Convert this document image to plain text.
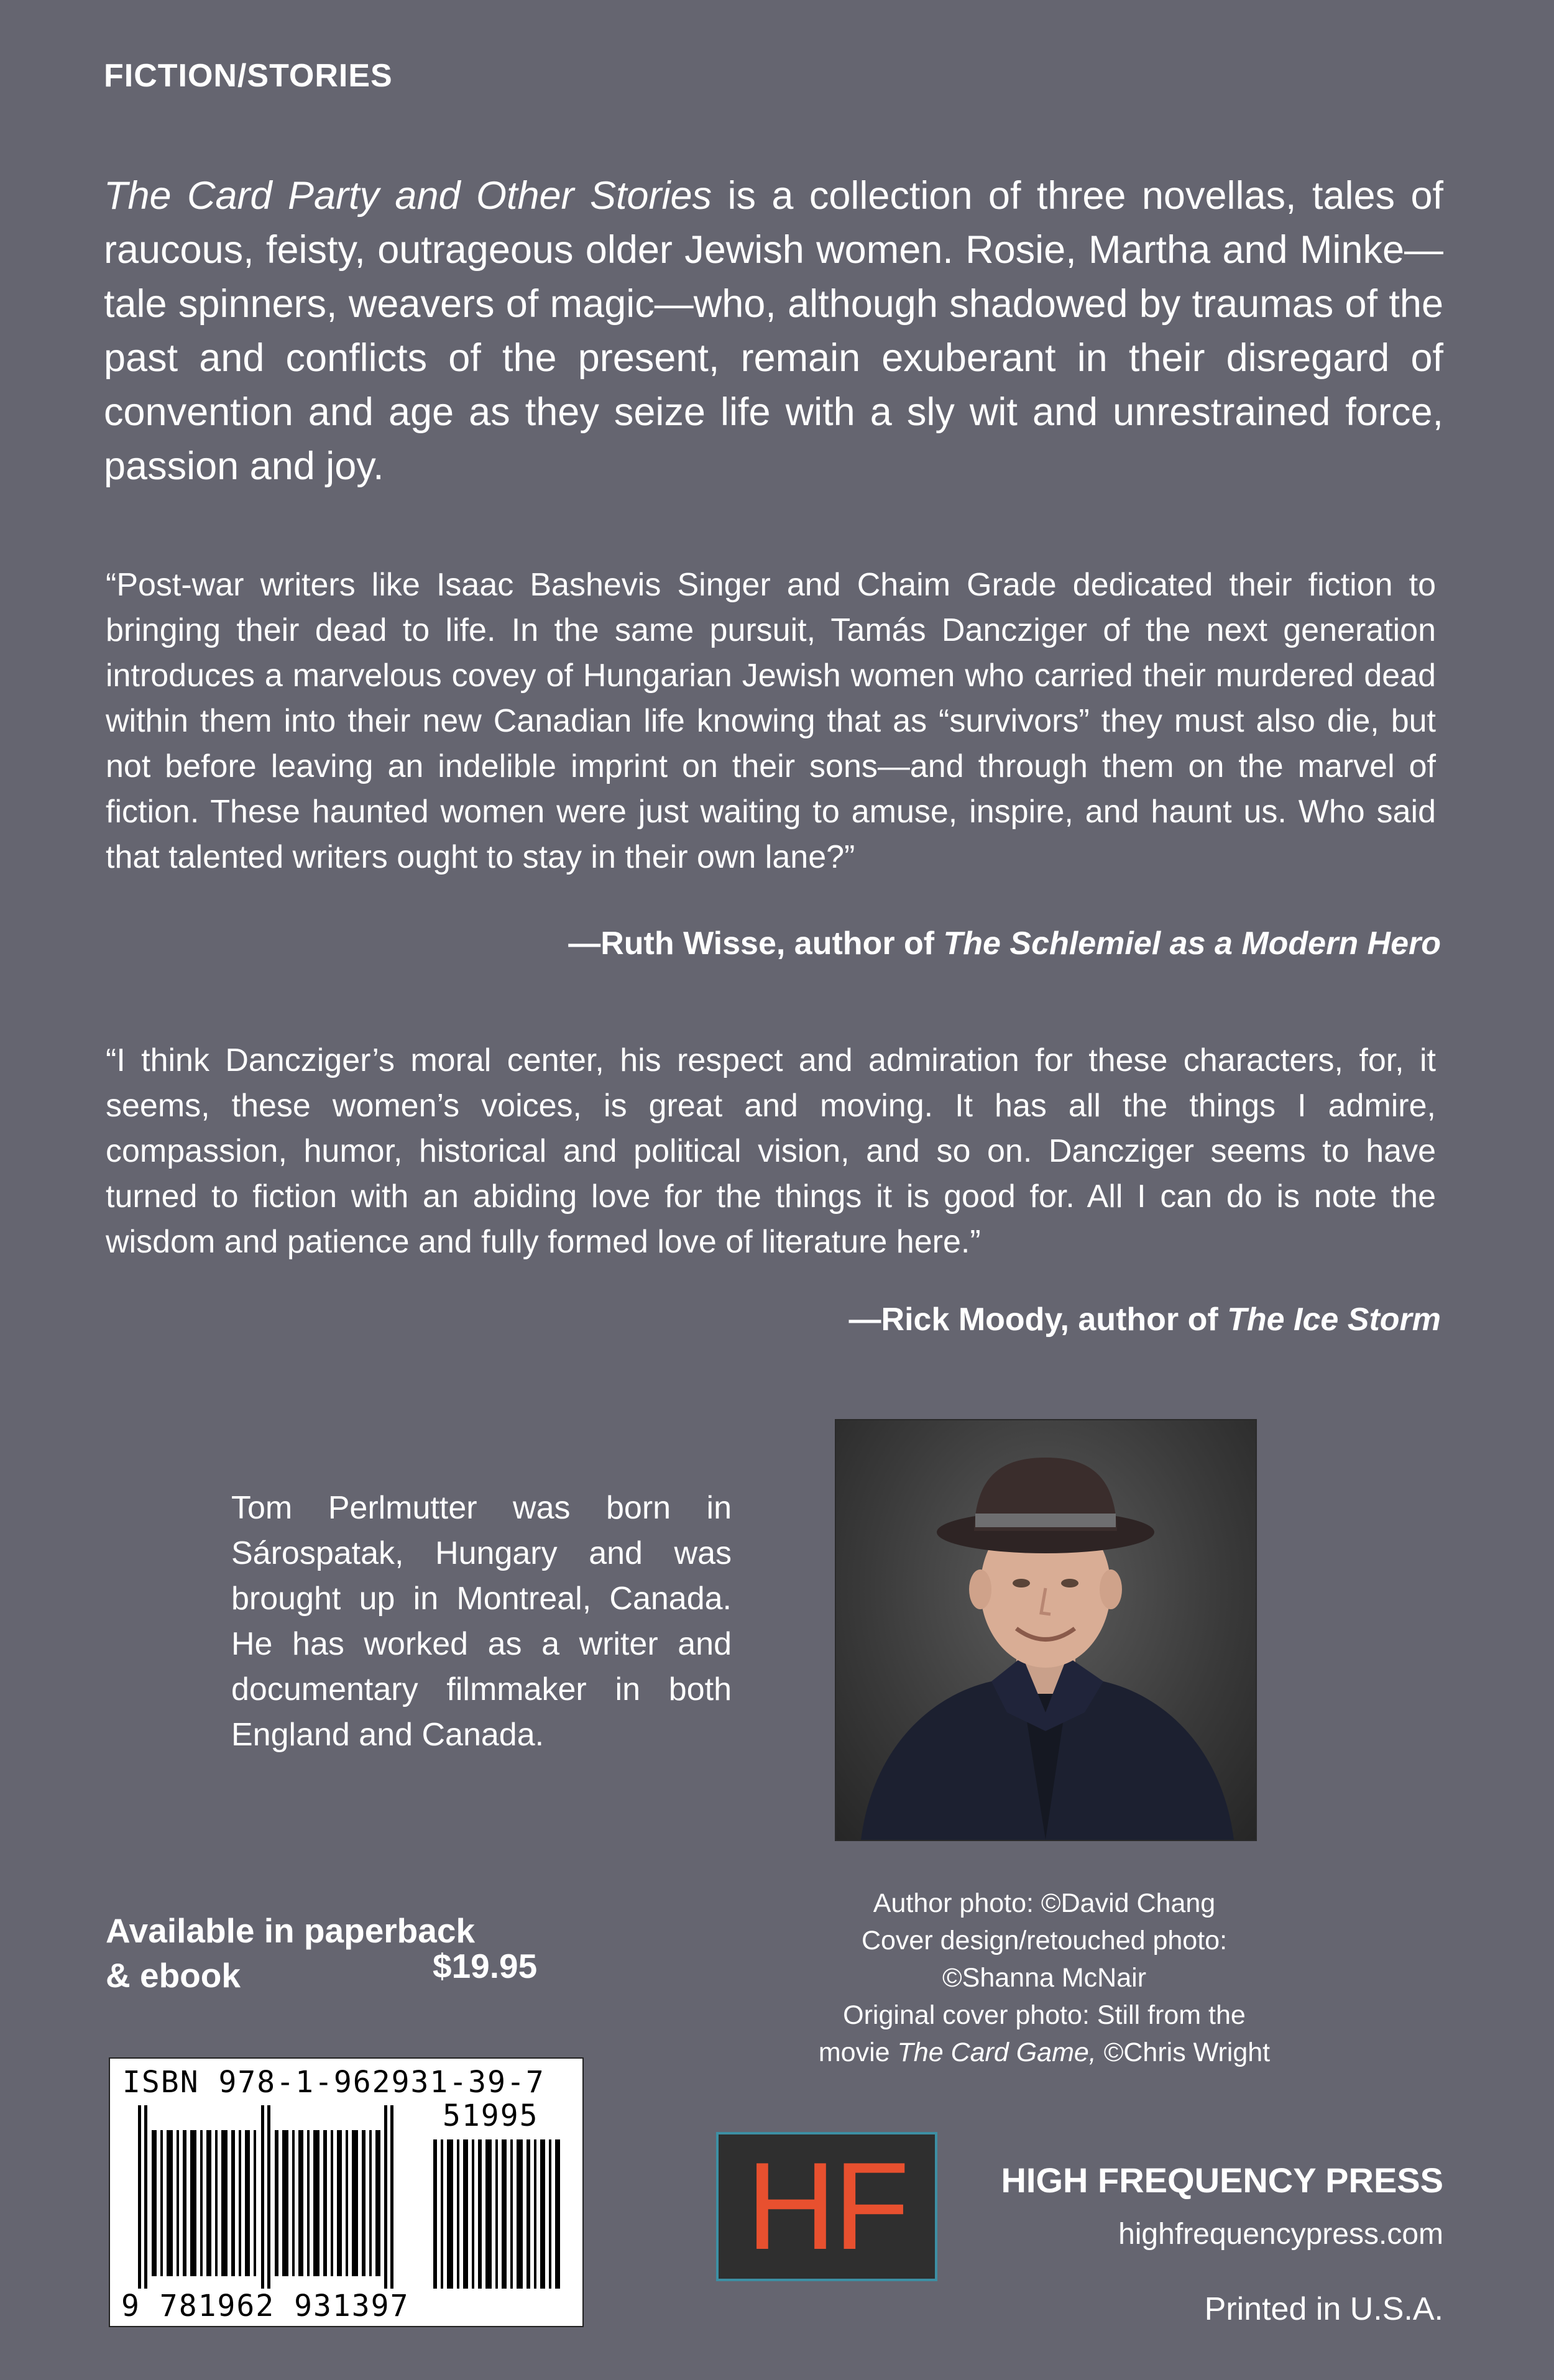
FICTION/STORIES
The Card Party and Other Stories is a collection of three novellas, tales of raucous, feisty, outrageous older Jewish women. Rosie, Martha and Minke—tale spinners, weavers of magic—who, although shadowed by traumas of the past and conflicts of the present, remain exuberant in their disregard of convention and age as they seize life with a sly wit and unrestrained force, passion and joy.
“Post-war writers like Isaac Bashevis Singer and Chaim Grade dedicated their fiction to bringing their dead to life. In the same pursuit, Tamás Dancziger of the next generation introduces a marvelous covey of Hungarian Jewish women who carried their murdered dead within them into their new Canadian life knowing that as “survivors” they must also die, but not before leaving an indelible imprint on their sons—and through them on the marvel of fiction. These haunted women were just waiting to amuse, inspire, and haunt us. Who said that talented writers ought to stay in their own lane?”
—Ruth Wisse, author of The Schlemiel as a Modern Hero
“I think Dancziger’s moral center, his respect and admiration for these characters, for, it seems, these women’s voices, is great and moving. It has all the things I admire, compassion, humor, historical and political vision, and so on. Dancziger seems to have turned to fiction with an abiding love for the things it is good for. All I can do is note the wisdom and patience and fully formed love of literature here.”
—Rick Moody, author of The Ice Storm
Tom Perlmutter was born in Sárospatak, Hungary and was brought up in Montreal, Canada. He has worked as a writer and documentary filmmaker in both England and Canada.
Author photo: ©David Chang
Cover design/retouched photo:
©Shanna McNair
Original cover photo: Still from the
movie The Card Game, ©Chris Wright
Available in paperback
& ebook	$19.95
ISBN 978-1-962931-39-7
51995
9 781962 931397
HF	HIGH FREQUENCY PRESS
highfrequencypress.com
Printed in U.S.A.
